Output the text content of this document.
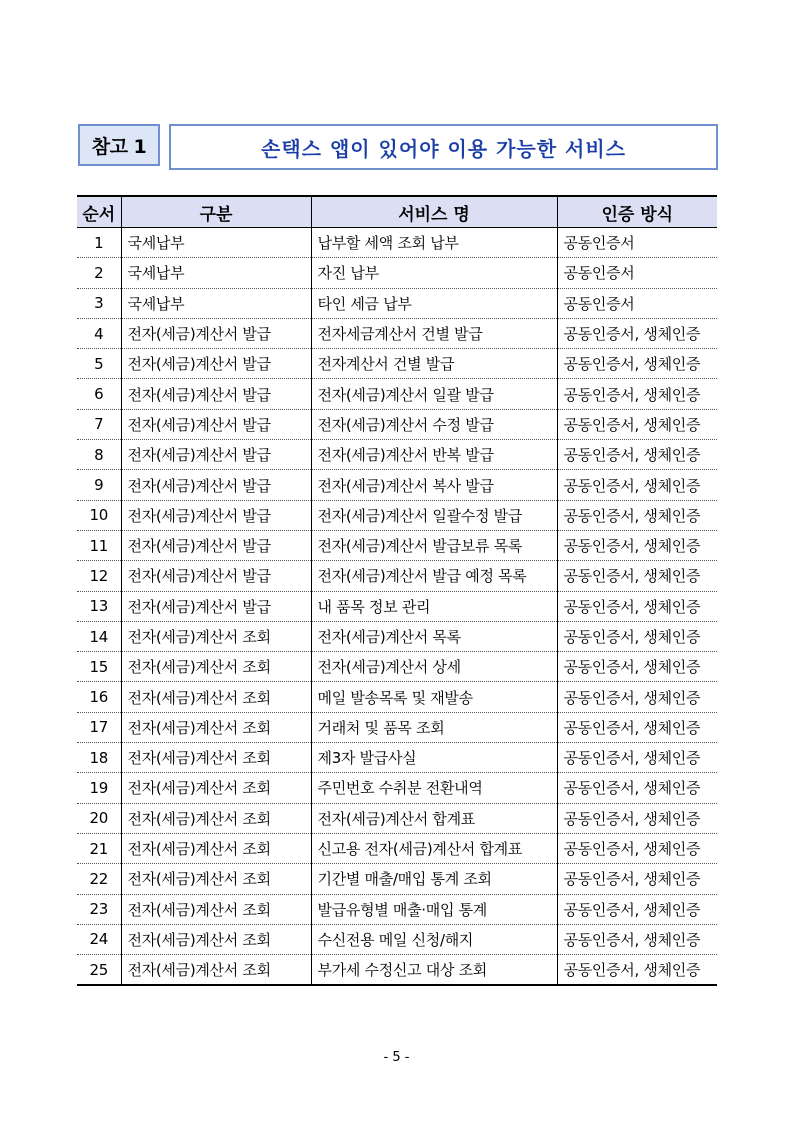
참고 1	손택스 앱이 있어야 이용 가능한 서비스
순서	구분	서비스 명	인증 방식
1	국세납부	납부할 세액 조회 납부	공동인증서
2	국세납부	자진 납부	공동인증서
3	국세납부	타인 세금 납부	공동인증서
4	전자(세금)계산서 발급	전자세금계산서 건별 발급	공동인증서, 생체인증
5	전자(세금)계산서 발급	전자계산서 건별 발급	공동인증서, 생체인증
6	전자(세금)계산서 발급	전자(세금)계산서 일괄 발급	공동인증서, 생체인증
7	전자(세금)계산서 발급	전자(세금)계산서 수정 발급	공동인증서, 생체인증
8	전자(세금)계산서 발급	전자(세금)계산서 반복 발급	공동인증서, 생체인증
9	전자(세금)계산서 발급	전자(세금)계산서 복사 발급	공동인증서, 생체인증
10	전자(세금)계산서 발급	전자(세금)계산서 일괄수정 발급	공동인증서, 생체인증
11	전자(세금)계산서 발급	전자(세금)계산서 발급보류 목록	공동인증서, 생체인증
12	전자(세금)계산서 발급	전자(세금)계산서 발급 예정 목록	공동인증서, 생체인증
13	전자(세금)계산서 발급	내 품목 정보 관리	공동인증서, 생체인증
14	전자(세금)계산서 조회	전자(세금)계산서 목록	공동인증서, 생체인증
15	전자(세금)계산서 조회	전자(세금)계산서 상세	공동인증서, 생체인증
16	전자(세금)계산서 조회	메일 발송목록 및 재발송	공동인증서, 생체인증
17	전자(세금)계산서 조회	거래처 및 품목 조회	공동인증서, 생체인증
18	전자(세금)계산서 조회	제3자 발급사실	공동인증서, 생체인증
19	전자(세금)계산서 조회	주민번호 수취분 전환내역	공동인증서, 생체인증
20	전자(세금)계산서 조회	전자(세금)계산서 합계표	공동인증서, 생체인증
21	전자(세금)계산서 조회	신고용 전자(세금)계산서 합계표	공동인증서, 생체인증
22	전자(세금)계산서 조회	기간별 매출/매입 통계 조회	공동인증서, 생체인증
23	전자(세금)계산서 조회	발급유형별 매출·매입 통계	공동인증서, 생체인증
24	전자(세금)계산서 조회	수신전용 메일 신청/해지	공동인증서, 생체인증
25	전자(세금)계산서 조회	부가세 수정신고 대상 조회	공동인증서, 생체인증
- 5 -
